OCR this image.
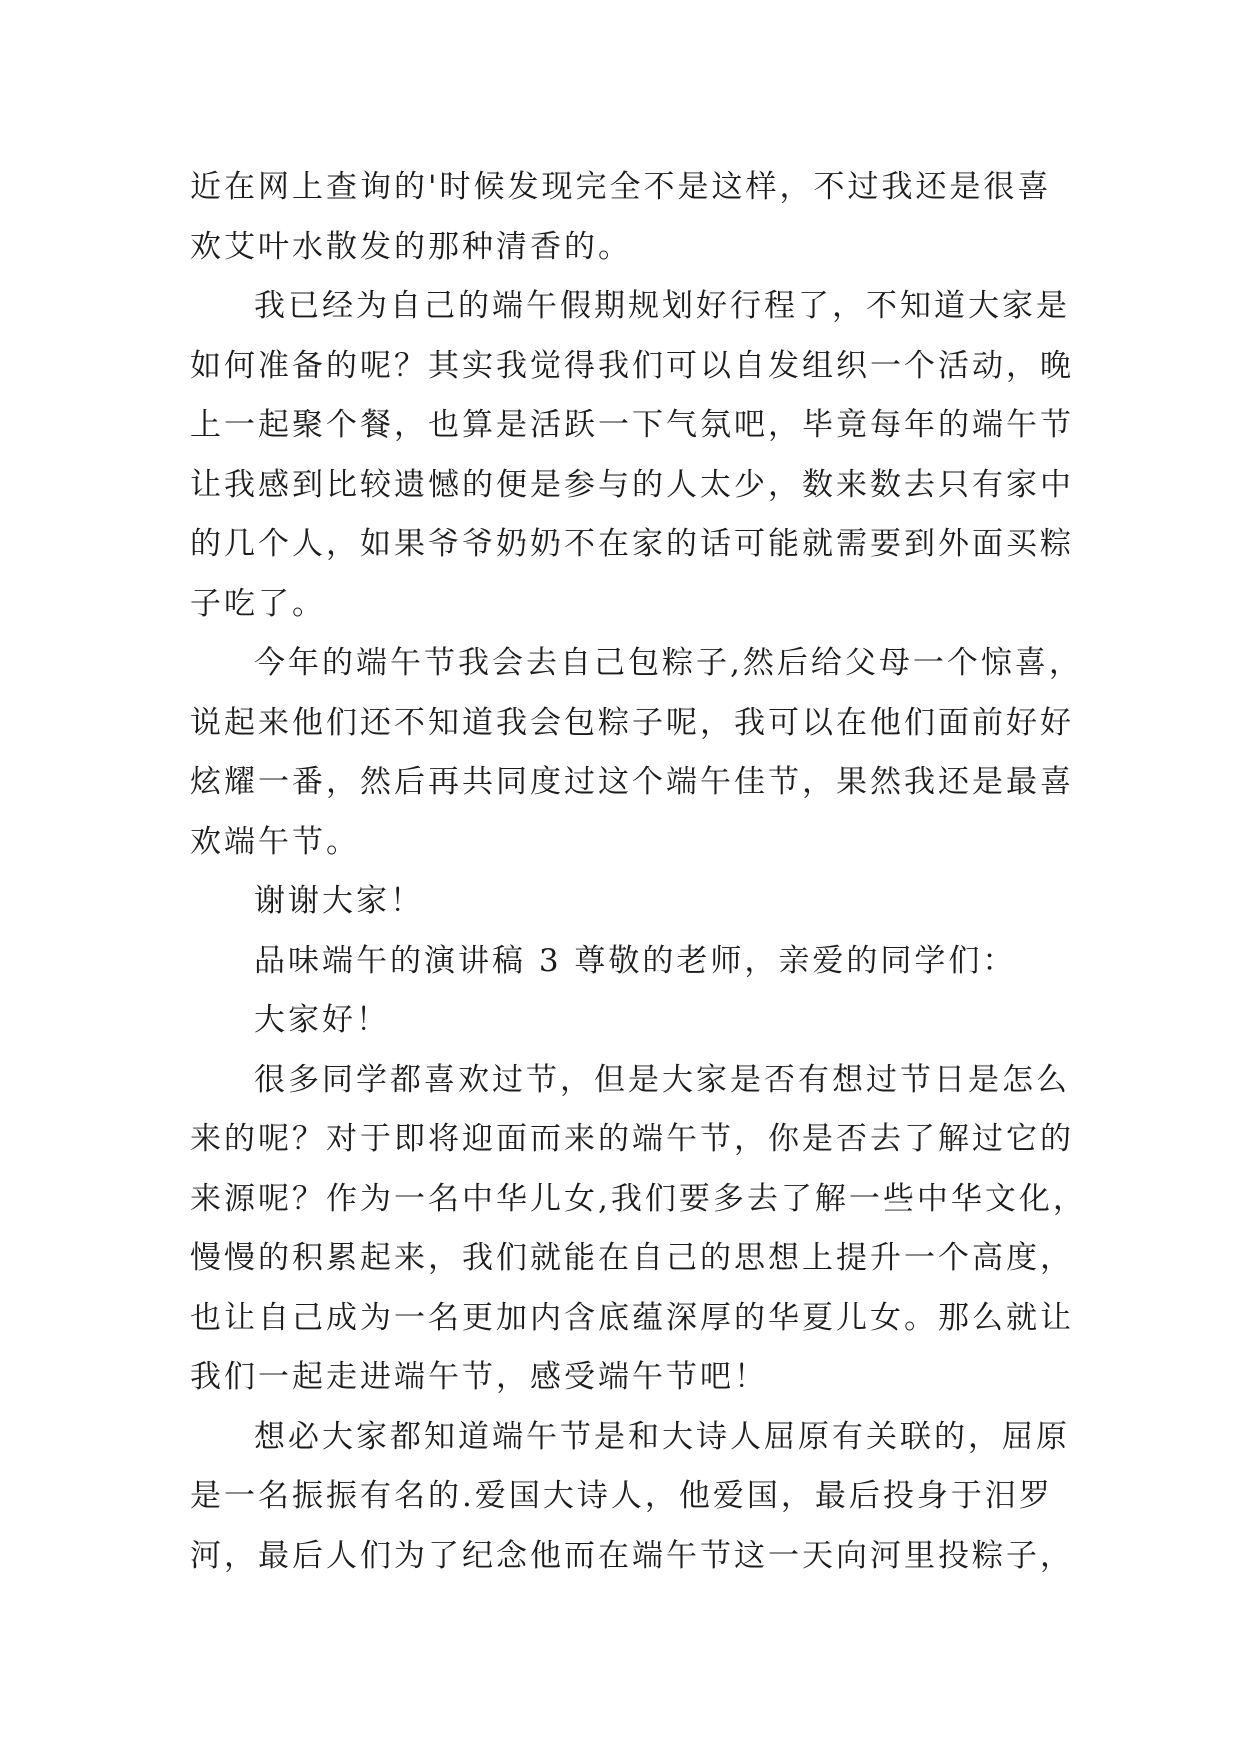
近在网上查询的'时候发现完全不是这样，不过我还是很喜
欢艾叶水散发的那种清香的。
我已经为自己的端午假期规划好行程了，不知道大家是
如何准备的呢？其实我觉得我们可以自发组织一个活动，晚
上一起聚个餐，也算是活跃一下气氛吧，毕竟每年的端午节
让我感到比较遗憾的便是参与的人太少，数来数去只有家中
的几个人，如果爷爷奶奶不在家的话可能就需要到外面买粽
子吃了。
今年的端午节我会去自己包粽子,然后给父母一个惊喜，
说起来他们还不知道我会包粽子呢，我可以在他们面前好好
炫耀一番，然后再共同度过这个端午佳节，果然我还是最喜
欢端午节。
谢谢大家！
品味端午的演讲稿 3 尊敬的老师，亲爱的同学们：
大家好！
很多同学都喜欢过节，但是大家是否有想过节日是怎么
来的呢？对于即将迎面而来的端午节，你是否去了解过它的
来源呢？作为一名中华儿女,我们要多去了解一些中华文化，
慢慢的积累起来，我们就能在自己的思想上提升一个高度，
也让自己成为一名更加内含底蕴深厚的华夏儿女。那么就让
我们一起走进端午节，感受端午节吧！
想必大家都知道端午节是和大诗人屈原有关联的，屈原
是一名振振有名的.爱国大诗人，他爱国，最后投身于汨罗
河，最后人们为了纪念他而在端午节这一天向河里投粽子，
